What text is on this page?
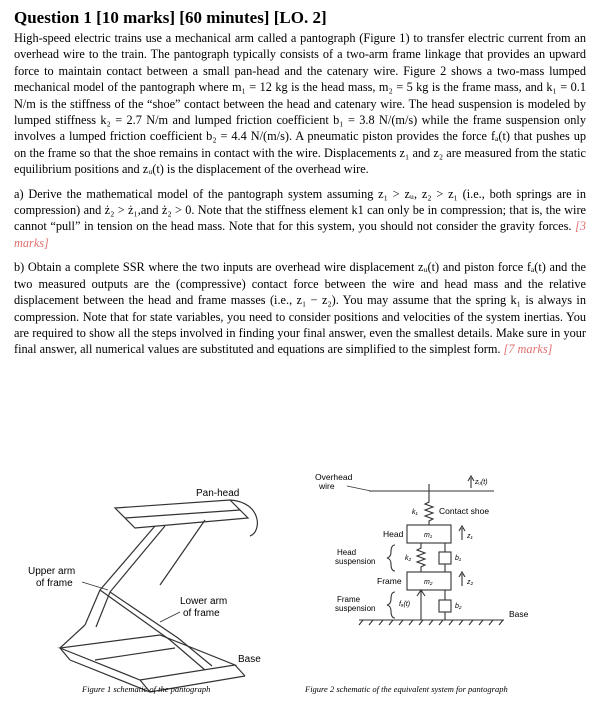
Question 1 [10 marks] [60 minutes] [LO. 2]

High-speed electric trains use a mechanical arm called a pantograph (Figure 1) to transfer electric current from an overhead wire to the train. The pantograph typically consists of a two-arm frame linkage that provides an upward force to maintain contact between a small pan-head and the catenary wire. Figure 2 shows a two-mass lumped mechanical model of the pantograph where m₁ = 12 kg is the head mass, m₂ = 5 kg is the frame mass, and k₁ = 0.1 N/m is the stiffness of the “shoe” contact between the head and catenary wire. The head suspension is modeled by lumped stiffness k₂ = 2.7 N/m and lumped friction coefficient b₁ = 3.8 N/(m/s) while the frame suspension only involves a lumped friction coefficient b₂ = 4.4 N/(m/s). A pneumatic piston provides the force fₐ(t) that pushes up on the frame so that the shoe remains in contact with the wire. Displacements z₁ and z₂ are measured from the static equilibrium positions and zᵤ(t) is the displacement of the overhead wire.

a) Derive the mathematical model of the pantograph system assuming z₁ > zᵤ, z₂ > z₁ (i.e., both springs are in compression) and ż₂ > ż₁,and ż₂ > 0. Note that the stiffness element k1 can only be in compression; that is, the wire cannot “pull” in tension on the head mass. Note that for this system, you should not consider the gravity forces. [3 marks]

b) Obtain a complete SSR where the two inputs are overhead wire displacement zᵤ(t) and piston force fₐ(t) and the two measured outputs are the (compressive) contact force between the wire and head mass and the relative displacement between the head and frame masses (i.e., z₁ − z₂). You may assume that the spring k₁ is always in compression. Note that for state variables, you need to consider positions and velocities of the system inertias. You are required to show all the steps involved in finding your final answer, even the smallest details. Make sure in your final answer, all numerical values are substituted and equations are simplified to the simplest form. [7 marks]

Pan-head
Upper arm
of frame
Lower arm
of frame
Base
Figure 1 schematic of the pantograph
Overhead
wire	zᵤ(t)
k₁	Contact shoe
Head	m₁	z₁
Head
suspension	k₂	b₁
Frame	m₂	z₂
Frame
suspension	fₐ(t)	b₂
Base
Figure 2 schematic of the equivalent system for pantograph
